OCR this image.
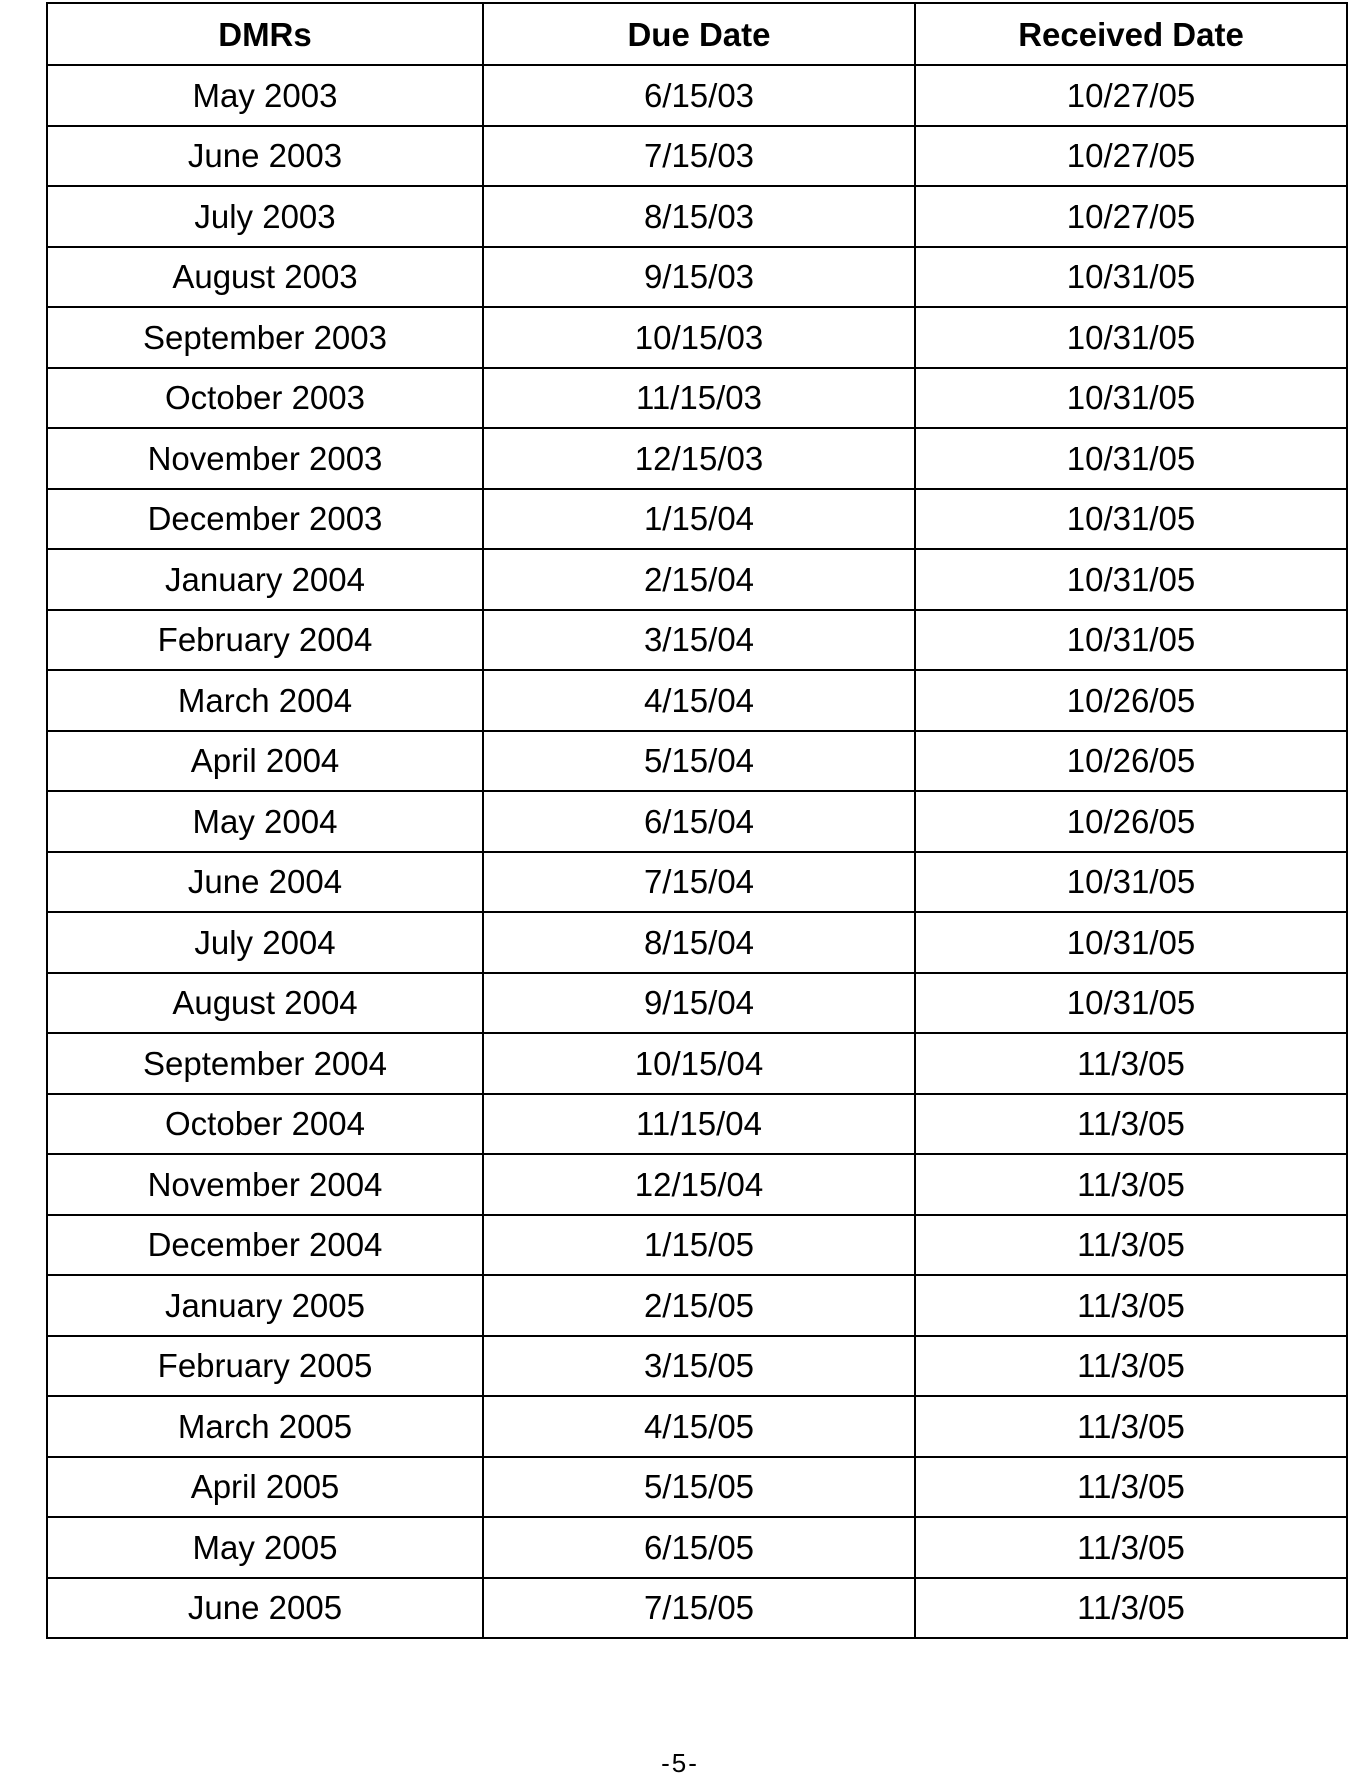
DMRs	Due Date	Received Date
May 2003	6/15/03	10/27/05
June 2003	7/15/03	10/27/05
July 2003	8/15/03	10/27/05
August 2003	9/15/03	10/31/05
September 2003	10/15/03	10/31/05
October 2003	11/15/03	10/31/05
November 2003	12/15/03	10/31/05
December 2003	1/15/04	10/31/05
January 2004	2/15/04	10/31/05
February 2004	3/15/04	10/31/05
March 2004	4/15/04	10/26/05
April 2004	5/15/04	10/26/05
May 2004	6/15/04	10/26/05
June 2004	7/15/04	10/31/05
July 2004	8/15/04	10/31/05
August 2004	9/15/04	10/31/05
September 2004	10/15/04	11/3/05
October 2004	11/15/04	11/3/05
November 2004	12/15/04	11/3/05
December 2004	1/15/05	11/3/05
January 2005	2/15/05	11/3/05
February 2005	3/15/05	11/3/05
March 2005	4/15/05	11/3/05
April 2005	5/15/05	11/3/05
May 2005	6/15/05	11/3/05
June 2005	7/15/05	11/3/05
-5-
